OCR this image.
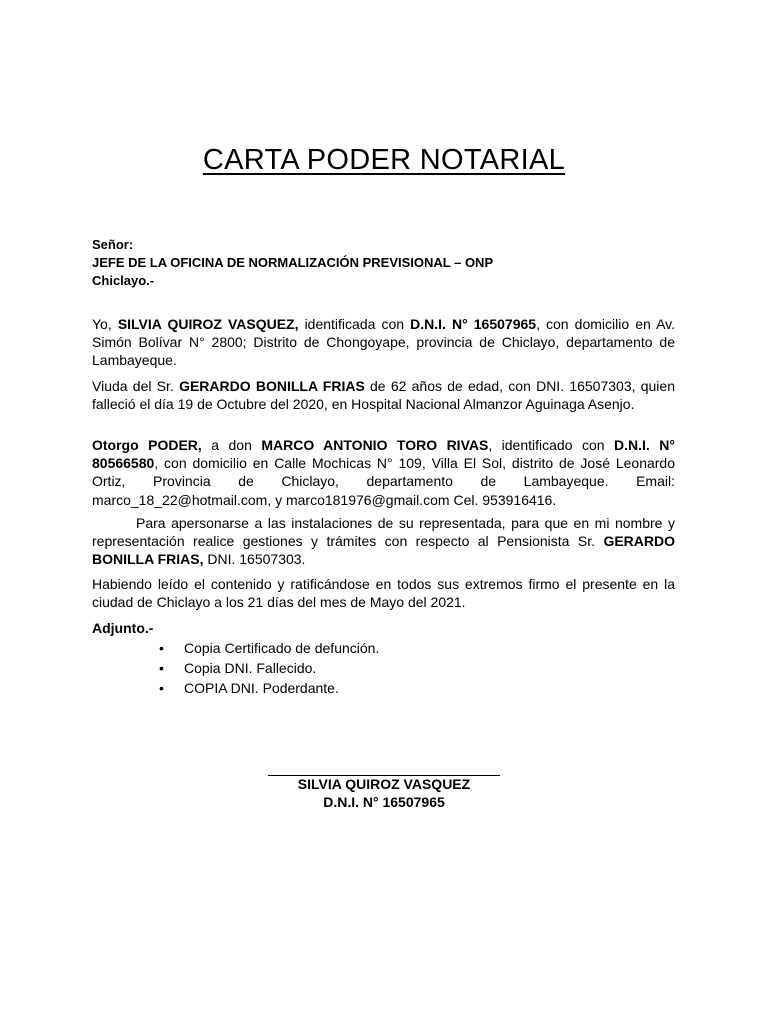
CARTA PODER NOTARIAL
Señor:
JEFE DE LA OFICINA DE NORMALIZACIÓN PREVISIONAL – ONP
Chiclayo.-
Yo, SILVIA QUIROZ VASQUEZ, identificada con D.N.I. N° 16507965, con domicilio en Av. Simón Bolívar N° 2800; Distrito de Chongoyape, provincia de Chiclayo, departamento de Lambayeque.
Viuda del Sr. GERARDO BONILLA FRIAS de 62 años de edad, con DNI. 16507303, quien falleció el día 19 de Octubre del 2020, en Hospital Nacional Almanzor Aguinaga Asenjo.
Otorgo PODER, a don MARCO ANTONIO TORO RIVAS, identificado con D.N.I. N° 80566580, con domicilio en Calle Mochicas N° 109, Villa El Sol, distrito de José Leonardo Ortiz, Provincia de Chiclayo, departamento de Lambayeque. Email: marco_18_22@hotmail.com, y marco181976@gmail.com Cel. 953916416.
Para apersonarse a las instalaciones de su representada, para que en mi nombre y representación realice gestiones y trámites con respecto al Pensionista Sr. GERARDO BONILLA FRIAS, DNI. 16507303.
Habiendo leído el contenido y ratificándose en todos sus extremos firmo el presente en la ciudad de Chiclayo a los 21 días del mes de Mayo del 2021.
Adjunto.-
• Copia Certificado de defunción.
• Copia DNI. Fallecido.
• COPIA DNI. Poderdante.
SILVIA QUIROZ VASQUEZ
D.N.I. N° 16507965
